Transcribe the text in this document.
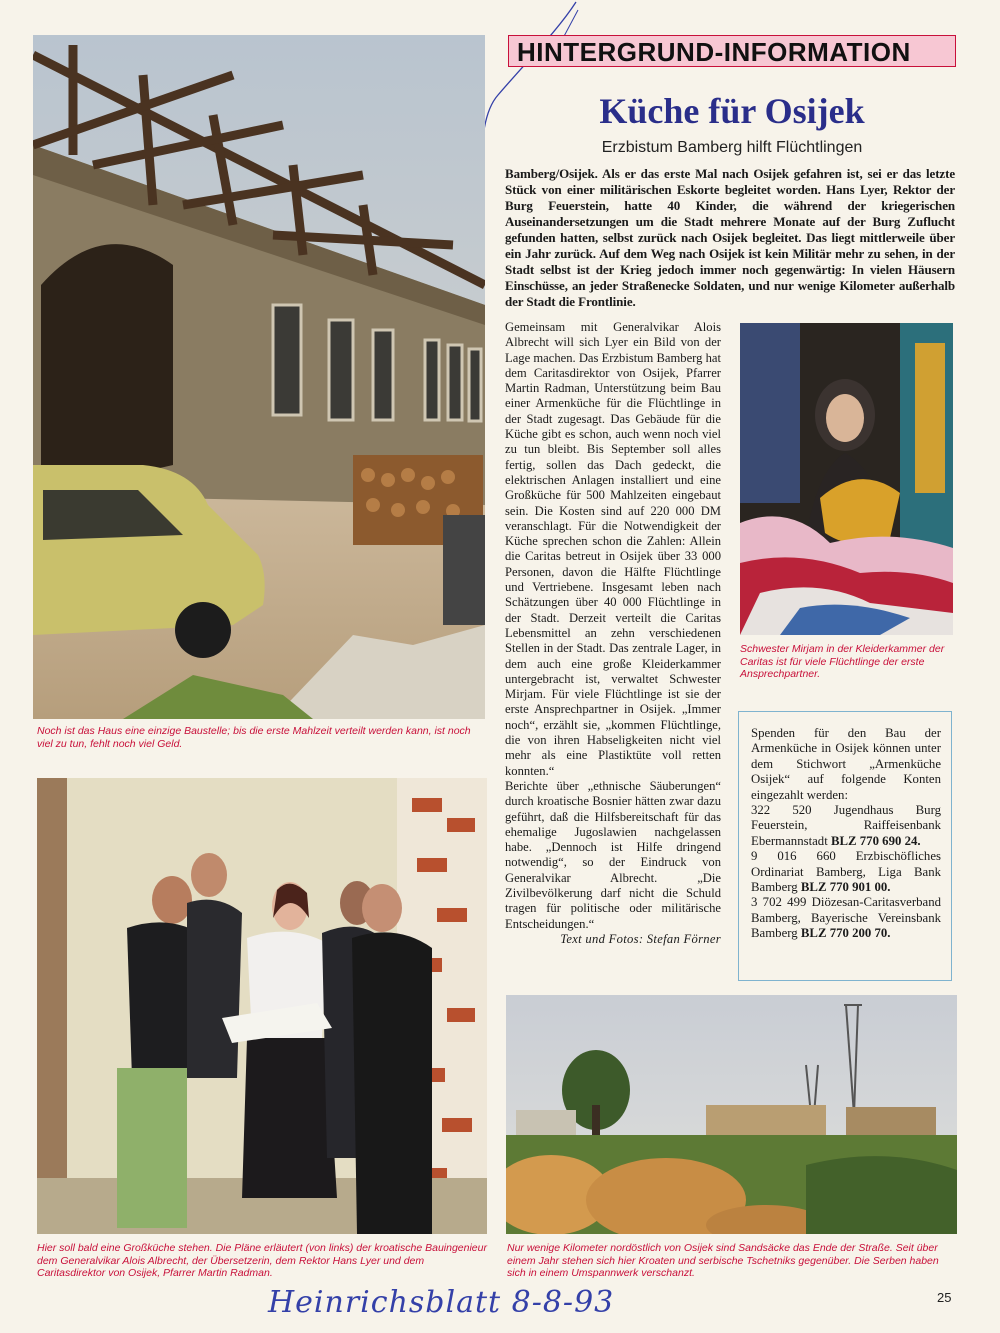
Noch ist das Haus eine einzige Baustelle; bis die erste Mahlzeit verteilt werden kann, ist noch viel zu tun, fehlt noch viel Geld.
HINTERGRUND-INFORMATION
Küche für Osijek
Erzbistum Bamberg hilft Flüchtlingen
Bamberg/Osijek. Als er das erste Mal nach Osijek gefahren ist, sei er das letzte Stück von einer militärischen Eskorte begleitet worden. Hans Lyer, Rektor der Burg Feuerstein, hatte 40 Kinder, die während der kriegerischen Auseinandersetzungen um die Stadt mehrere Monate auf der Burg Zuflucht gefunden hatten, selbst zurück nach Osijek begleitet. Das liegt mittlerweile über ein Jahr zurück. Auf dem Weg nach Osijek ist kein Militär mehr zu sehen, in der Stadt selbst ist der Krieg jedoch immer noch gegenwärtig: In vielen Häusern Einschüsse, an jeder Straßenecke Soldaten, und nur wenige Kilometer außerhalb der Stadt die Frontlinie.

Gemeinsam mit Generalvikar Alois Albrecht will sich Lyer ein Bild von der Lage machen. Das Erzbistum Bamberg hat dem Caritasdirektor von Osijek, Pfarrer Martin Radman, Unterstützung beim Bau einer Armenküche für die Flüchtlinge in der Stadt zugesagt. Das Gebäude für die Küche gibt es schon, auch wenn noch viel zu tun bleibt. Bis September soll alles fertig, sollen das Dach gedeckt, die elektrischen Anlagen installiert und eine Großküche für 500 Mahlzeiten eingebaut sein. Die Kosten sind auf 220 000 DM veranschlagt. Für die Notwendigkeit der Küche sprechen schon die Zahlen: Allein die Caritas betreut in Osijek über 33 000 Personen, davon die Hälfte Flüchtlinge und Vertriebene. Insgesamt leben nach Schätzungen über 40 000 Flüchtlinge in der Stadt. Derzeit verteilt die Caritas Lebensmittel an zehn verschiedenen Stellen in der Stadt. Das zentrale Lager, in dem auch eine große Kleiderkammer untergebracht ist, verwaltet Schwester Mirjam. Für viele Flüchtlinge ist sie der erste Ansprechpartner in Osijek. „Immer noch“, erzählt sie, „kommen Flüchtlinge, die von ihren Habseligkeiten nicht viel mehr als eine Plastiktüte voll retten konnten.“

Berichte über „ethnische Säuberungen“ durch kroatische Bosnier hätten zwar dazu geführt, daß die Hilfsbereitschaft für das ehemalige Jugoslawien nachgelassen habe. „Dennoch ist Hilfe dringend notwendig“, so der Eindruck von Generalvikar Albrecht. „Die Zivilbevölkerung darf nicht die Schuld tragen für politische oder militärische Entscheidungen.“

Text und Fotos: Stefan Förner

Schwester Mirjam in der Kleiderkammer der Caritas ist für viele Flüchtlinge der erste Ansprechpartner.

Spenden für den Bau der Armenküche in Osijek können unter dem Stichwort „Armenküche Osijek“ auf folgende Konten eingezahlt werden:

322 520 Jugendhaus Burg Feuerstein, Raiffeisenbank Ebermannstadt BLZ 770 690 24.

9 016 660 Erzbischöfliches Ordinariat Bamberg, Liga Bank Bamberg BLZ 770 901 00.

3 702 499 Diözesan-Caritasverband Bamberg, Bayerische Vereinsbank Bamberg BLZ 770 200 70.

Hier soll bald eine Großküche stehen. Die Pläne erläutert (von links) der kroatische Bauingenieur dem Generalvikar Alois Albrecht, der Übersetzerin, dem Rektor Hans Lyer und dem Caritasdirektor von Osijek, Pfarrer Martin Radman.
Nur wenige Kilometer nordöstlich von Osijek sind Sandsäcke das Ende der Straße. Seit über einem Jahr stehen sich hier Kroaten und serbische Tschetniks gegenüber. Die Serben haben sich in einem Umspannwerk verschanzt.
Heinrichsblatt 8-8-93	25
